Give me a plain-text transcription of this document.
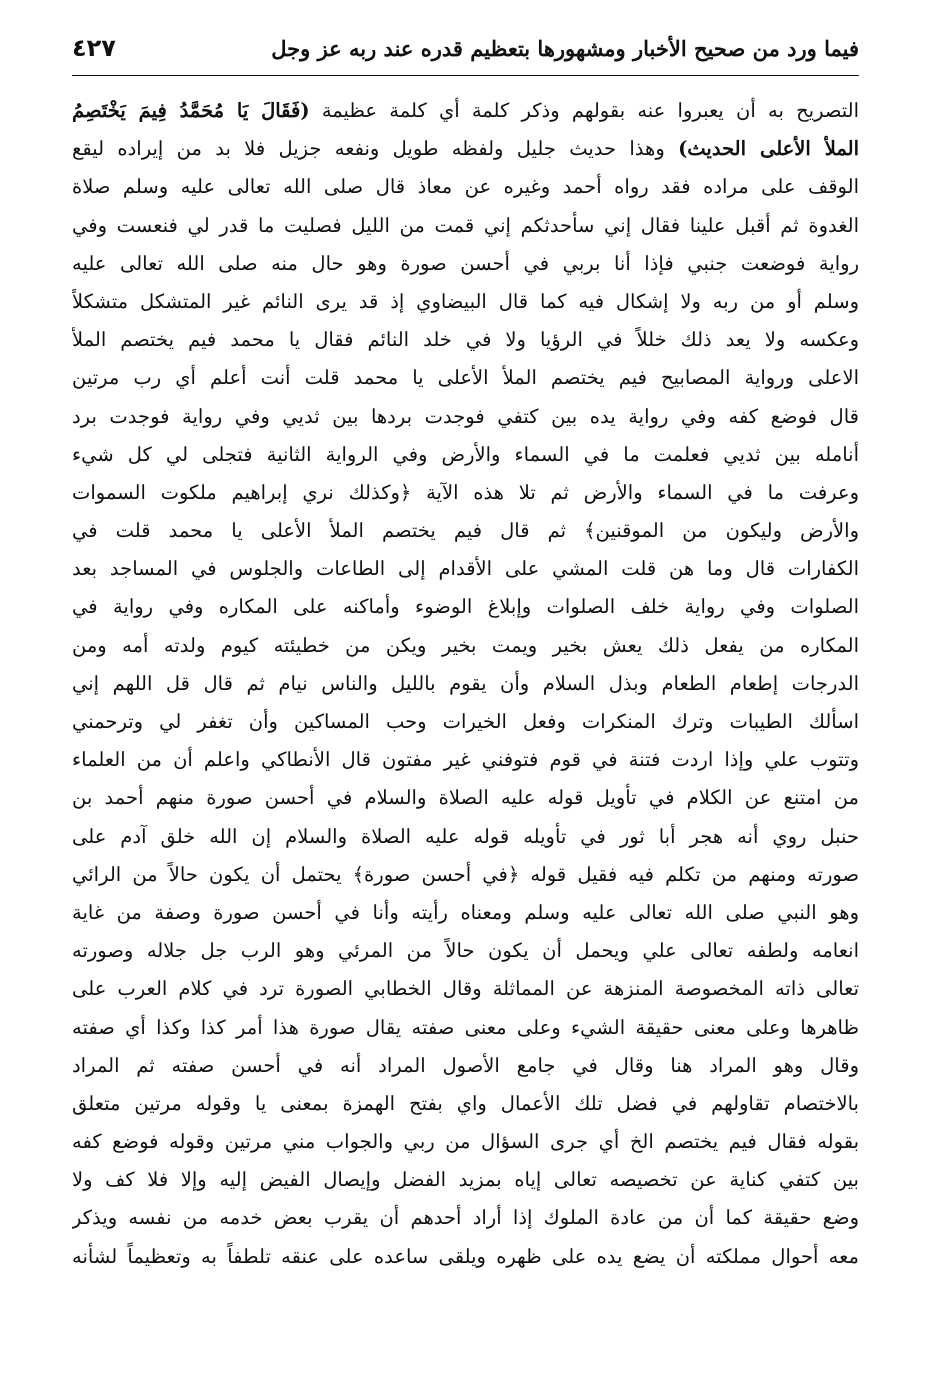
فيما ورد من صحيح الأخبار ومشهورها بتعظيم قدره عند ربه عز وجل
٤٢٧
التصريح به أن يعبروا عنه بقولهم وذكر كلمة أي كلمة عظيمة (فَقَالَ يَا مُحَمَّدُ فِيمَ يَخْتَصِمُ
الملأ الأعلى الحديث) وهذا حديث جليل ولفظه طويل ونفعه جزيل فلا بد من إيراده ليقع
الوقف على مراده فقد رواه أحمد وغيره عن معاذ قال صلى الله تعالى عليه وسلم صلاة
الغدوة ثم أقبل علينا فقال إني سأحدثكم إني قمت من الليل فصليت ما قدر لي فنعست وفي
رواية فوضعت جنبي فإذا أنا بربي في أحسن صورة وهو حال منه صلى الله تعالى عليه
وسلم أو من ربه ولا إشكال فيه كما قال البيضاوي إذ قد يرى النائم غير المتشكل متشكلاً
وعكسه ولا يعد ذلك خللاً في الرؤيا ولا في خلد النائم فقال يا محمد فيم يختصم الملأ
الاعلى ورواية المصابيح فيم يختصم الملأ الأعلى يا محمد قلت أنت أعلم أي رب مرتين
قال فوضع كفه وفي رواية يده بين كتفي فوجدت بردها بين ثديي وفي رواية فوجدت برد
أنامله بين ثديي فعلمت ما في السماء والأرض وفي الرواية الثانية فتجلى لي كل شيء
وعرفت ما في السماء والأرض ثم تلا هذه الآية ﴿وكذلك نري إبراهيم ملكوت السموات
والأرض وليكون من الموقنين﴾ ثم قال فيم يختصم الملأ الأعلى يا محمد قلت في
الكفارات قال وما هن قلت المشي على الأقدام إلى الطاعات والجلوس في المساجد بعد
الصلوات وفي رواية خلف الصلوات وإبلاغ الوضوء وأماكنه على المكاره وفي رواية في
المكاره من يفعل ذلك يعش بخير ويمت بخير ويكن من خطيئته كيوم ولدته أمه ومن
الدرجات إطعام الطعام وبذل السلام وأن يقوم بالليل والناس نيام ثم قال قل اللهم إني
اسألك الطيبات وترك المنكرات وفعل الخيرات وحب المساكين وأن تغفر لي وترحمني
وتتوب علي وإذا اردت فتنة في قوم فتوفني غير مفتون قال الأنطاكي واعلم أن من العلماء
من امتنع عن الكلام في تأويل قوله عليه الصلاة والسلام في أحسن صورة منهم أحمد بن
حنبل روي أنه هجر أبا ثور في تأويله قوله عليه الصلاة والسلام إن الله خلق آدم على
صورته ومنهم من تكلم فيه فقيل قوله ﴿في أحسن صورة﴾ يحتمل أن يكون حالاً من الرائي
وهو النبي صلى الله تعالى عليه وسلم ومعناه رأيته وأنا في أحسن صورة وصفة من غاية
انعامه ولطفه تعالى علي ويحمل أن يكون حالاً من المرئي وهو الرب جل جلاله وصورته
تعالى ذاته المخصوصة المنزهة عن المماثلة وقال الخطابي الصورة ترد في كلام العرب على
ظاهرها وعلى معنى حقيقة الشيء وعلى معنى صفته يقال صورة هذا أمر كذا وكذا أي صفته
وقال وهو المراد هنا وقال في جامع الأصول المراد أنه في أحسن صفته ثم المراد
بالاختصام تقاولهم في فضل تلك الأعمال واي بفتح الهمزة بمعنى يا وقوله مرتين متعلق
بقوله فقال فيم يختصم الخ أي جرى السؤال من ربي والجواب مني مرتين وقوله فوضع كفه
بين كتفي كناية عن تخصيصه تعالى إياه بمزيد الفضل وإيصال الفيض إليه وإلا فلا كف ولا
وضع حقيقة كما أن من عادة الملوك إذا أراد أحدهم أن يقرب بعض خدمه من نفسه ويذكر
معه أحوال مملكته أن يضع يده على ظهره ويلقى ساعده على عنقه تلطفاً به وتعظيماً لشأنه
